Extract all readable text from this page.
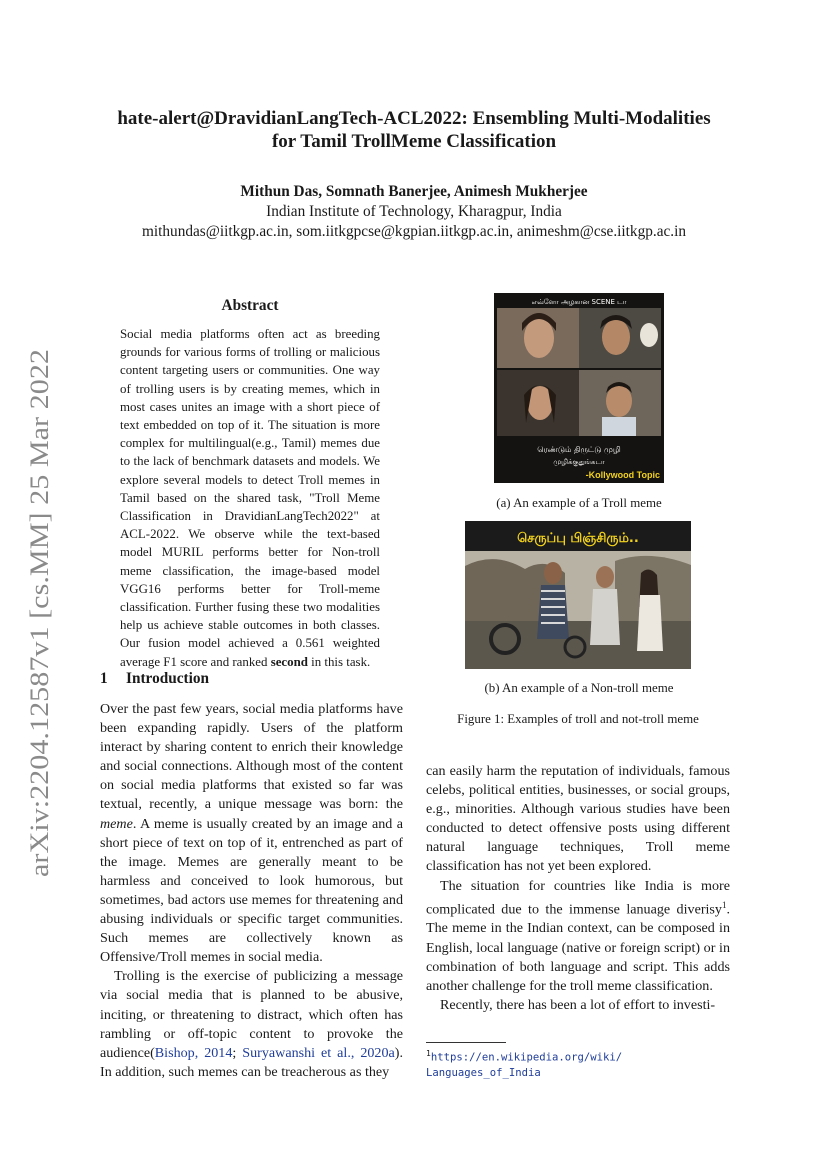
arXiv:2204.12587v1 [cs.MM] 25 Mar 2022
hate-alert@DravidianLangTech-ACL2022: Ensembling Multi-Modalities
for Tamil TrollMeme Classification
Mithun Das, Somnath Banerjee, Animesh Mukherjee
Indian Institute of Technology, Kharagpur, India
mithundas@iitkgp.ac.in, som.iitkgpcse@kgpian.iitkgp.ac.in, animeshm@cse.iitkgp.ac.in
Abstract

Social media platforms often act as breeding grounds for various forms of trolling or malicious content targeting users or communities. One way of trolling users is by creating memes, which in most cases unites an image with a short piece of text embedded on top of it. The situation is more complex for multilingual(e.g., Tamil) memes due to the lack of benchmark datasets and models. We explore several models to detect Troll memes in Tamil based on the shared task, "Troll Meme Classification in DravidianLangTech2022" at ACL-2022. We observe while the text-based model MURIL performs better for Non-troll meme classification, the image-based model VGG16 performs better for Troll-meme classification. Further fusing these two modalities help us achieve stable outcomes in both classes. Our fusion model achieved a 0.561 weighted average F1 score and ranked second in this task.

1 Introduction

Over the past few years, social media platforms have been expanding rapidly. Users of the platform interact by sharing content to enrich their knowledge and social connections. Although most of the content on social media platforms that existed so far was textual, recently, a unique message was born: the meme. A meme is usually created by an image and a short piece of text on top of it, entrenched as part of the image. Memes are generally meant to be harmless and conceived to look humorous, but sometimes, bad actors use memes for threatening and abusing individuals or specific target communities. Such memes are collectively known as Offensive/Troll memes in social media.

Trolling is the exercise of publicizing a message via social media that is planned to be abusive, inciting, or threatening to distract, which often has rambling or off-topic content to provoke the audience(Bishop, 2014; Suryawanshi et al., 2020a). In addition, such memes can be treacherous as they

எவ்ளோ அழகான SCENE டா
ரெண்டும் திருட்டு முழி
முழிக்குதுங்கடா
-Kollywood Topic
(a) An example of a Troll meme
செருப்பு பிஞ்சிரும்..
(b) An example of a Non-troll meme
Figure 1: Examples of troll and not-troll meme

can easily harm the reputation of individuals, famous celebs, political entities, businesses, or social groups, e.g., minorities. Although various studies have been conducted to detect offensive posts using different natural language techniques, Troll meme classification has not yet been explored.

The situation for countries like India is more complicated due to the immense lanuage diverisy$^1$. The meme in the Indian context, can be composed in English, local language (native or foreign script) or in combination of both language and script. This adds another challenge for the troll meme classification.

Recently, there has been a lot of effort to investi-

$^1$https://en.wikipedia.org/wiki/
Languages_of_India
